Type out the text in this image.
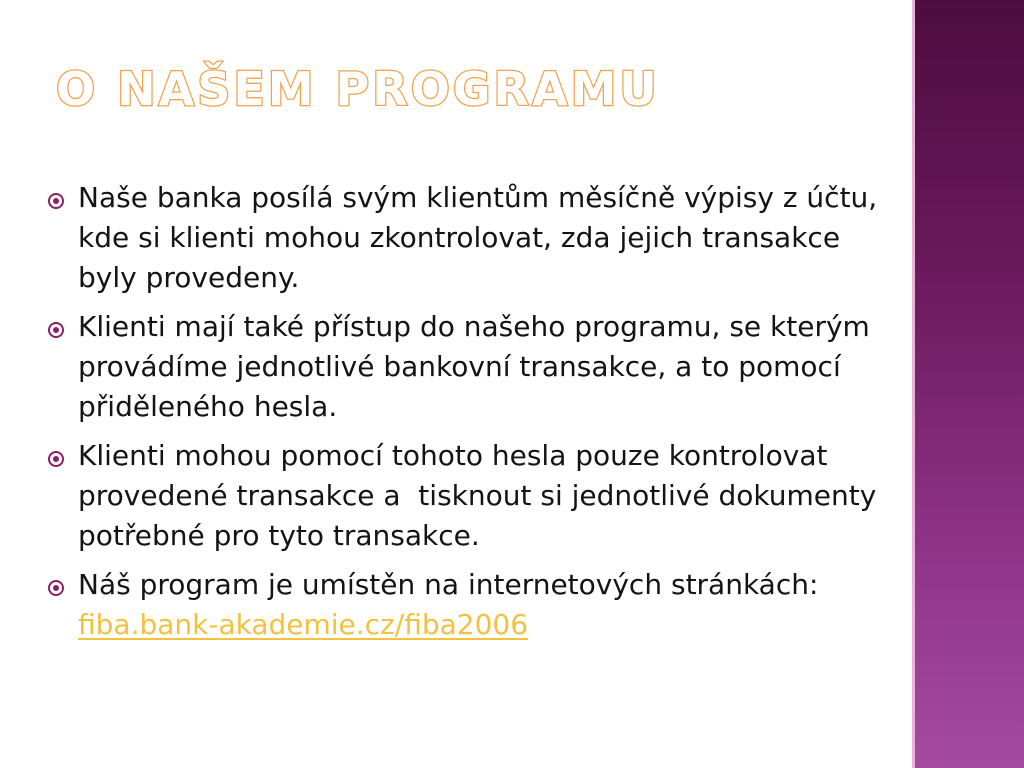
O NAŠEM PROGRAMU
Naše banka posílá svým klientům měsíčně výpisy z účtu, kde si klienti mohou zkontrolovat, zda jejich transakce byly provedeny.
Klienti mají také přístup do našeho programu, se kterým provádíme jednotlivé bankovní transakce, a to pomocí přiděleného hesla.
Klienti mohou pomocí tohoto hesla pouze kontrolovat provedené transakce a  tisknout si jednotlivé dokumenty potřebné pro tyto transakce.
Náš program je umístěn na internetových stránkách: fiba.bank-akademie.cz/fiba2006
